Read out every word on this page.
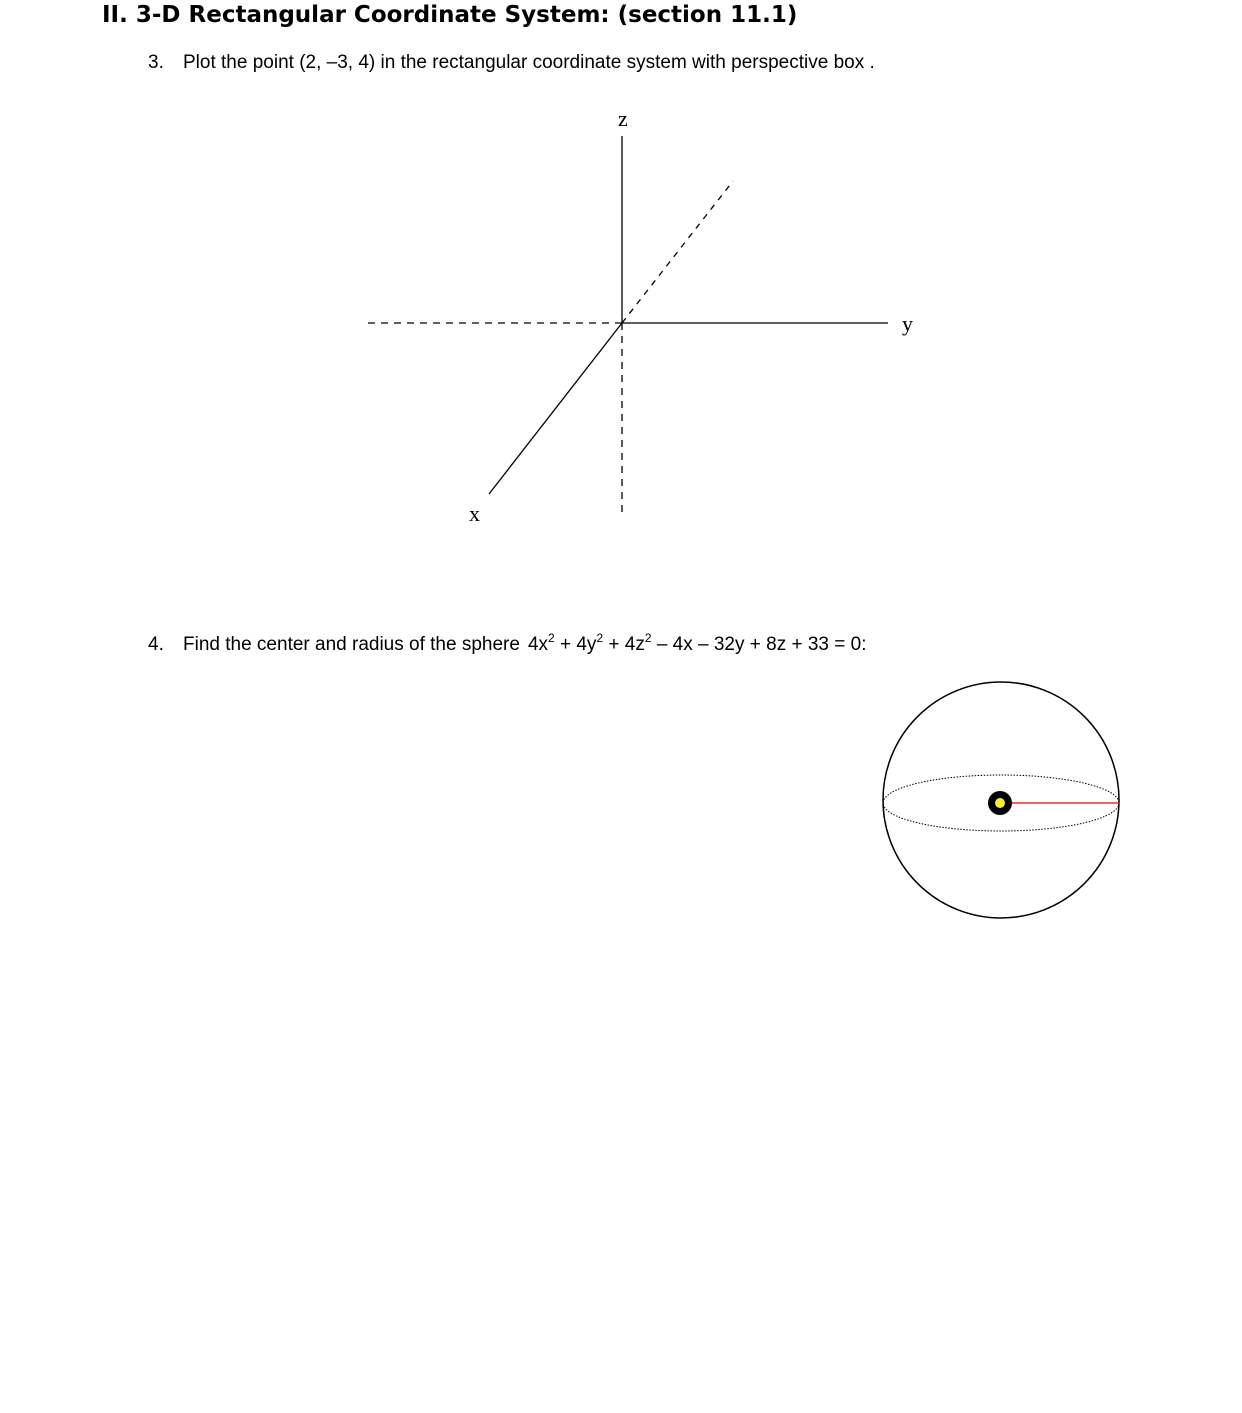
II. 3-D Rectangular Coordinate System: (section 11.1)
3. Plot the point (2, –3, 4) in the rectangular coordinate system with perspective box .
4. Find the center and radius of the sphere $4x^2 + 4y^2 + 4z^2 - 4x - 32y + 8z + 33 = 0$:
z
y
x
